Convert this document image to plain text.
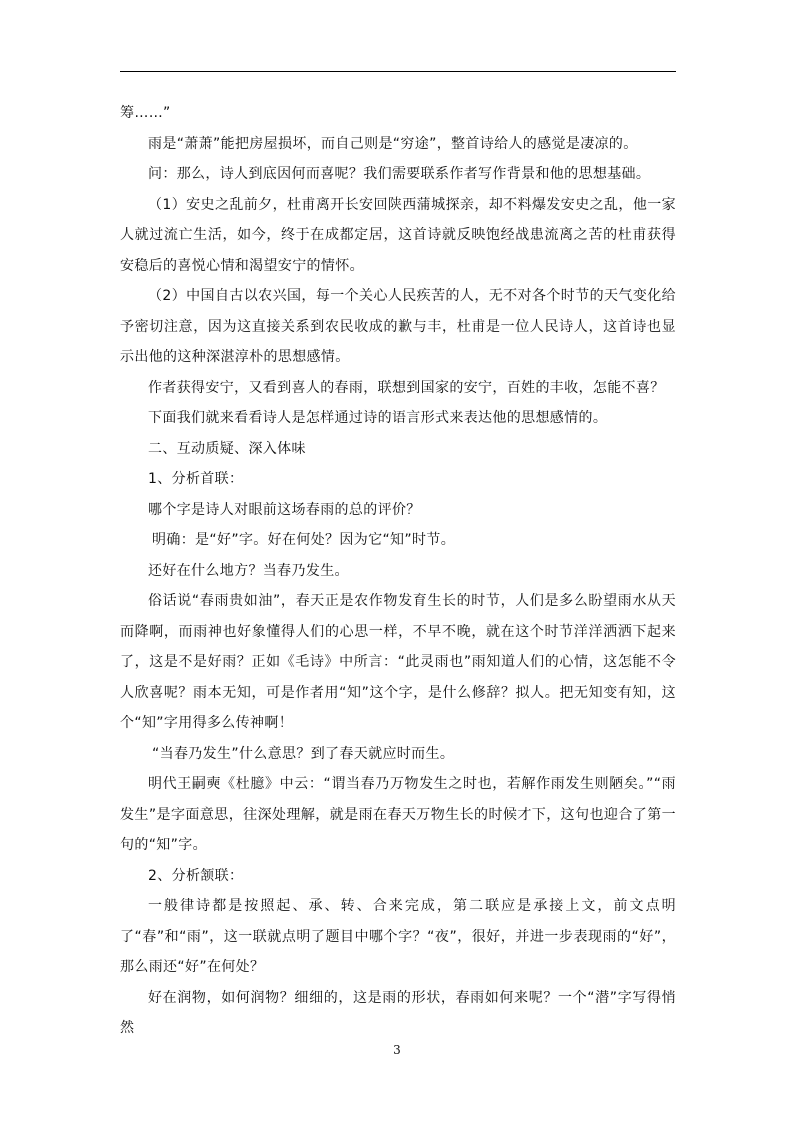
筹……”

雨是“萧萧”能把房屋损坏，而自己则是“穷途”，整首诗给人的感觉是凄凉的。

问：那么，诗人到底因何而喜呢？我们需要联系作者写作背景和他的思想基础。

（1）安史之乱前夕，杜甫离开长安回陕西蒲城探亲，却不料爆发安史之乱，他一家人就过流亡生活，如今，终于在成都定居，这首诗就反映饱经战患流离之苦的杜甫获得安稳后的喜悦心情和渴望安宁的情怀。

（2）中国自古以农兴国，每一个关心人民疾苦的人，无不对各个时节的天气变化给予密切注意，因为这直接关系到农民收成的歉与丰，杜甫是一位人民诗人，这首诗也显示出他的这种深湛淳朴的思想感情。

作者获得安宁，又看到喜人的春雨，联想到国家的安宁，百姓的丰收，怎能不喜？

下面我们就来看看诗人是怎样通过诗的语言形式来表达他的思想感情的。

二、互动质疑、深入体味

1、分析首联：

哪个字是诗人对眼前这场春雨的总的评价？

明确：是“好”字。好在何处？因为它“知”时节。

还好在什么地方？当春乃发生。

俗话说“春雨贵如油”，春天正是农作物发育生长的时节，人们是多么盼望雨水从天而降啊，而雨神也好象懂得人们的心思一样，不早不晚，就在这个时节洋洋洒洒下起来了，这是不是好雨？正如《毛诗》中所言：“此灵雨也”雨知道人们的心情，这怎能不令人欣喜呢？雨本无知，可是作者用“知”这个字，是什么修辞？拟人。把无知变有知，这个“知”字用得多么传神啊！

“当春乃发生”什么意思？到了春天就应时而生。

明代王嗣奭《杜臆》中云：“谓当春乃万物发生之时也，若解作雨发生则陋矣。”“雨发生”是字面意思，往深处理解，就是雨在春天万物生长的时候才下，这句也迎合了第一句的“知”字。

2、分析颔联：

一般律诗都是按照起、承、转、合来完成，第二联应是承接上文，前文点明了“春”和“雨”，这一联就点明了题目中哪个字？“夜”，很好，并进一步表现雨的“好”，那么雨还“好”在何处？

好在润物，如何润物？细细的，这是雨的形状，春雨如何来呢？一个“潜”字写得悄然

3
